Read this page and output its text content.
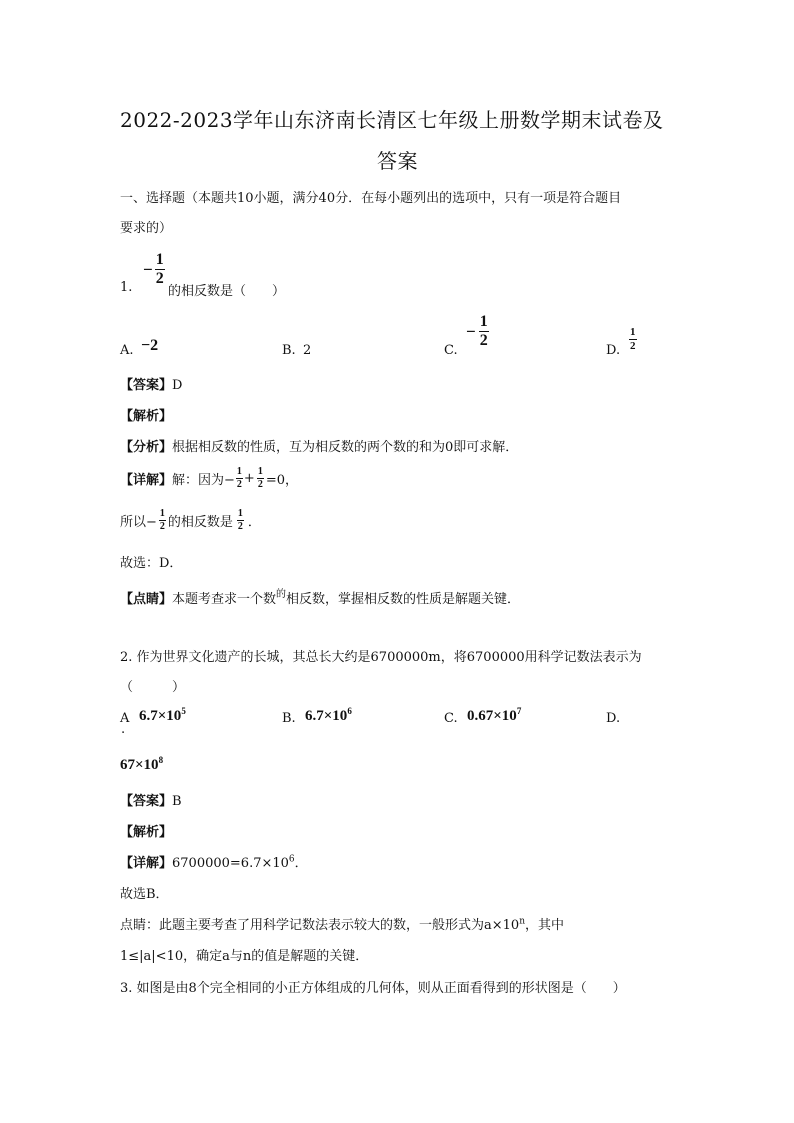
2022-2023学年山东济南长清区七年级上册数学期末试卷及
答案
一、选择题（本题共10小题，满分40分．在每小题列出的选项中，只有一项是符合题目
要求的）
1.
− $\frac{1}{2}$
的相反数是（　　）
A. −2	B. 2	C.
− $\frac{1}{2}$
D. $\frac{1}{2}$
【答案】D
【解析】
【分析】根据相反数的性质，互为相反数的两个数的和为0即可求解．
【详解】 解：因为− $\frac{1}{2} + \frac{1}{2} =0$，
所以− $\frac{1}{2}$ 的相反数是 $\frac{1}{2}$ ．
故选：D．
【点睛】本题考查求一个数$^的$相反数，掌握相反数的性质是解题关键．
2. 作为世界文化遗产的长城，其总长大约是6700000m，将6700000用科学记数法表示为
（　　　）
A
.
$6.7\times 10^5$	B. $6.7\times 10^6$	C. $0.67\times 10^7$	D.
$67\times 10^8$
【答案】B
【解析】
【详解】$6700000=6.7\times 10^6$．
故选B．
点睛：此题主要考查了用科学记数法表示较大的数，一般形式为$a\times 10^n$，其中
1≤|a|<10，确定a与n的值是解题的关键．
3. 如图是由8个完全相同的小正方体组成的几何体，则从正面看得到的形状图是（　　）
